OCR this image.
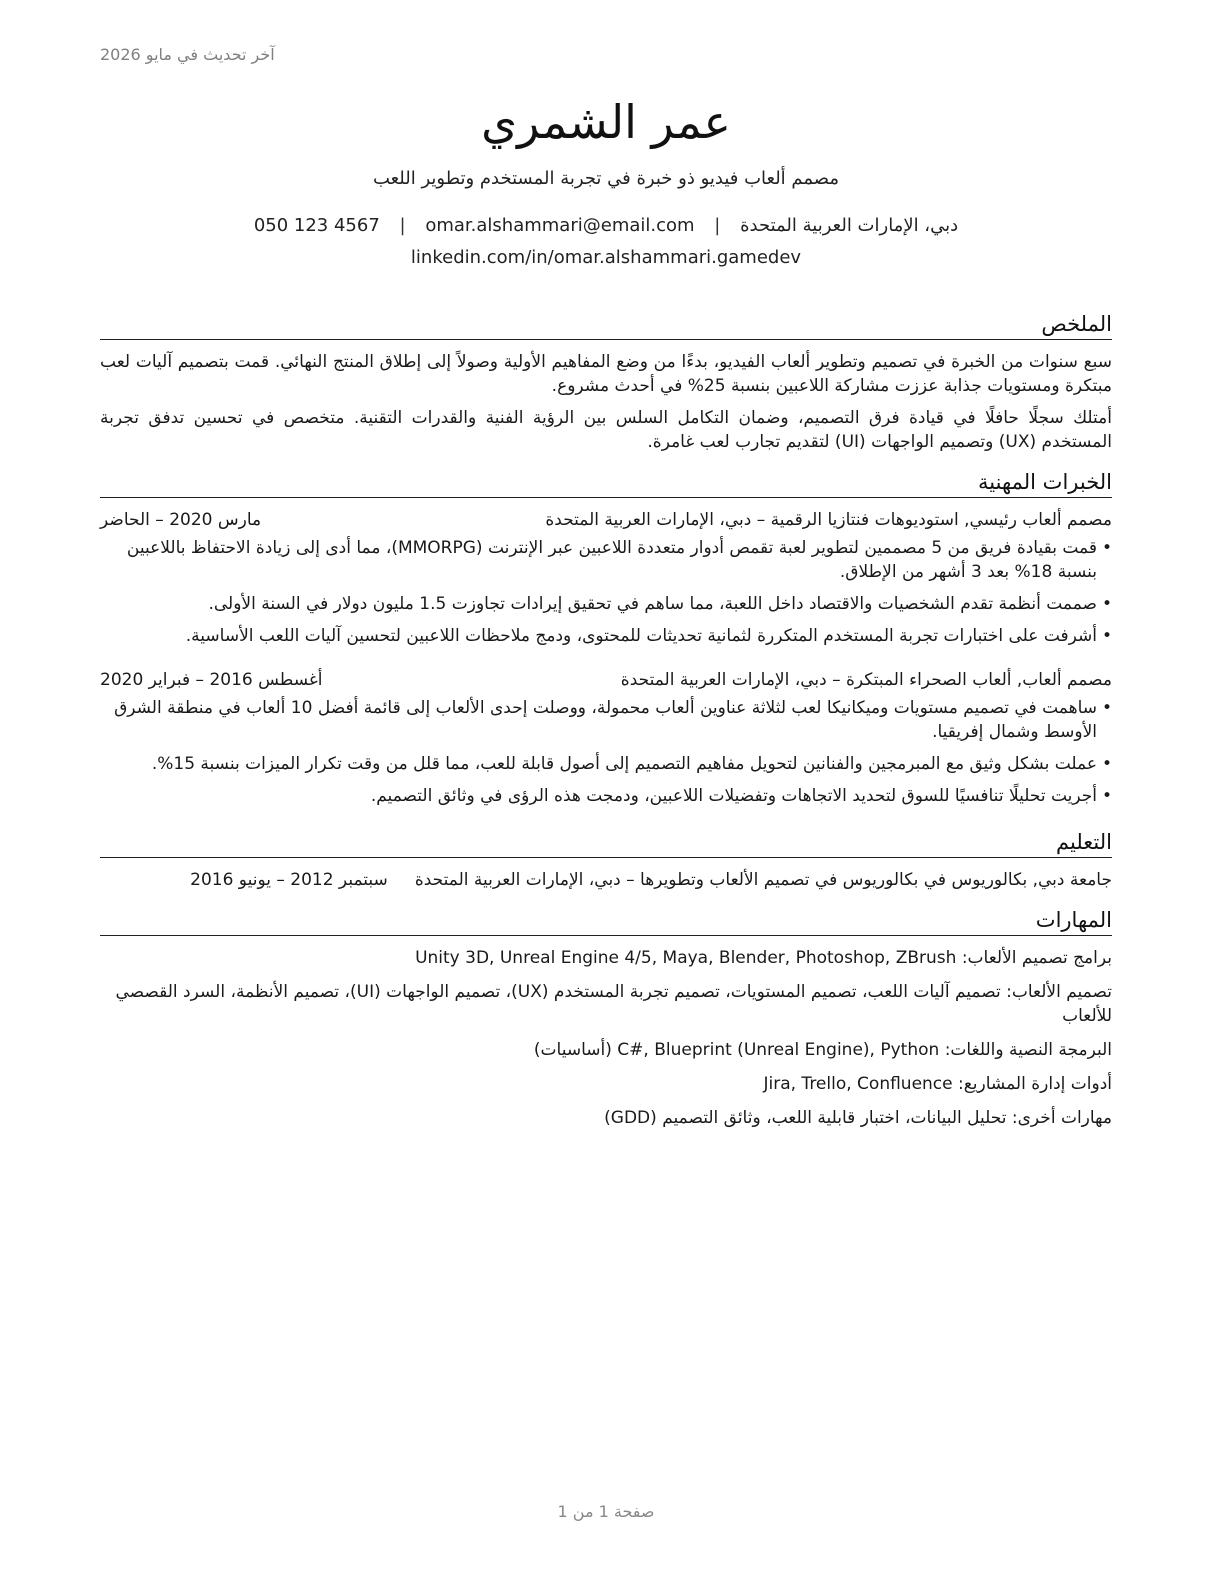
آخر تحديث في مايو 2026
عمر الشمري
مصمم ألعاب فيديو ذو خبرة في تجربة المستخدم وتطوير اللعب
دبي، الإمارات العربية المتحدة | omar.alshammari@email.com | 050 123 4567
linkedin.com/in/omar.alshammari.gamedev
الملخص

سبع سنوات من الخبرة في تصميم وتطوير ألعاب الفيديو، بدءًا من وضع المفاهيم الأولية وصولاً إلى إطلاق المنتج النهائي. قمت بتصميم آليات لعب مبتكرة ومستويات جذابة عززت مشاركة اللاعبين بنسبة 25% في أحدث مشروع.

أمتلك سجلًا حافلًا في قيادة فرق التصميم، وضمان التكامل السلس بين الرؤية الفنية والقدرات التقنية. متخصص في تحسين تدفق تجربة المستخدم (UX) وتصميم الواجهات (UI) لتقديم تجارب لعب غامرة.

الخبرات المهنية
مصمم ألعاب رئيسي, استوديوهات فنتازيا الرقمية – دبي، الإمارات العربية المتحدة
مارس 2020 – الحاضر
•
قمت بقيادة فريق من 5 مصممين لتطوير لعبة تقمص أدوار متعددة اللاعبين عبر الإنترنت (MMORPG)، مما أدى إلى زيادة الاحتفاظ باللاعبين بنسبة 18% بعد 3 أشهر من الإطلاق.
•
صممت أنظمة تقدم الشخصيات والاقتصاد داخل اللعبة، مما ساهم في تحقيق إيرادات تجاوزت 1.5 مليون دولار في السنة الأولى.
•
أشرفت على اختبارات تجربة المستخدم المتكررة لثمانية تحديثات للمحتوى، ودمج ملاحظات اللاعبين لتحسين آليات اللعب الأساسية.
مصمم ألعاب, ألعاب الصحراء المبتكرة – دبي، الإمارات العربية المتحدة
أغسطس 2016 – فبراير 2020
•
ساهمت في تصميم مستويات وميكانيكا لعب لثلاثة عناوين ألعاب محمولة، ووصلت إحدى الألعاب إلى قائمة أفضل 10 ألعاب في منطقة الشرق الأوسط وشمال إفريقيا.
•
عملت بشكل وثيق مع المبرمجين والفنانين لتحويل مفاهيم التصميم إلى أصول قابلة للعب، مما قلل من وقت تكرار الميزات بنسبة 15%.
•
أجريت تحليلًا تنافسيًا للسوق لتحديد الاتجاهات وتفضيلات اللاعبين، ودمجت هذه الرؤى في وثائق التصميم.
التعليم
جامعة دبي, بكالوريوس في بكالوريوس في تصميم الألعاب وتطويرها – دبي، الإمارات العربية المتحدة     سبتمبر 2012 – يونيو 2016
المهارات
برامج تصميم الألعاب: Unity 3D, Unreal Engine 4/5, Maya, Blender, Photoshop, ZBrush
تصميم الألعاب: تصميم آليات اللعب، تصميم المستويات، تصميم تجربة المستخدم (UX)، تصميم الواجهات (UI)، تصميم الأنظمة، السرد القصصي للألعاب
البرمجة النصية واللغات: C#, Blueprint (Unreal Engine), Python (أساسيات)
أدوات إدارة المشاريع: Jira, Trello, Confluence
مهارات أخرى: تحليل البيانات، اختبار قابلية اللعب، وثائق التصميم (GDD)
صفحة 1 من 1
